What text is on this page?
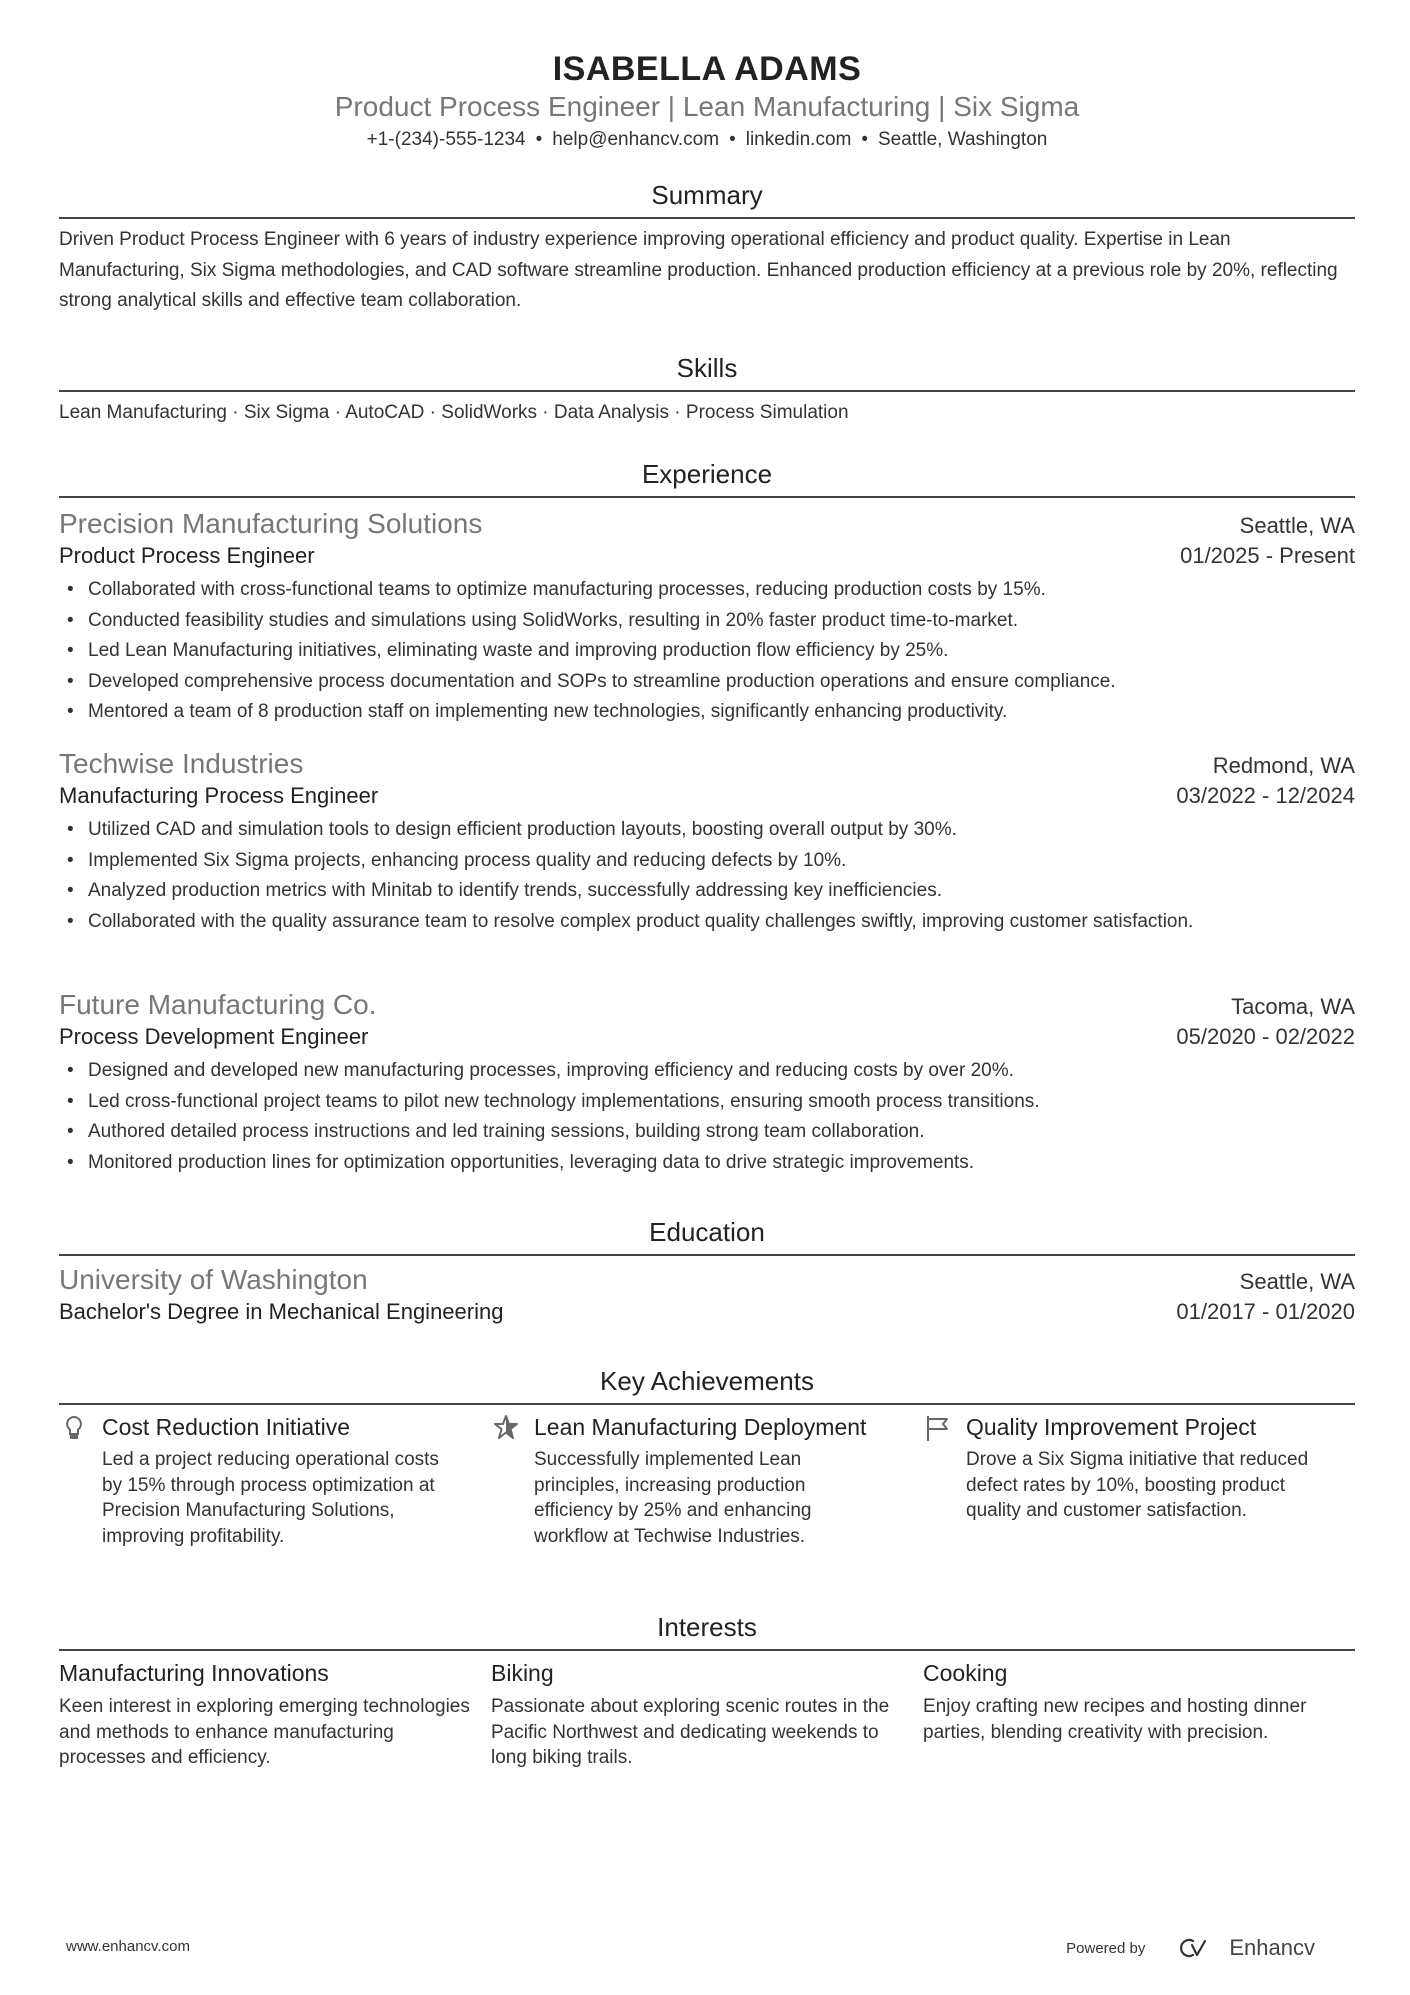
ISABELLA ADAMS
Product Process Engineer | Lean Manufacturing | Six Sigma
+1-(234)-555-1234 • help@enhancv.com • linkedin.com • Seattle, Washington
Summary
Driven Product Process Engineer with 6 years of industry experience improving operational efficiency and product quality. Expertise in Lean Manufacturing, Six Sigma methodologies, and CAD software streamline production. Enhanced production efficiency at a previous role by 20%, reflecting strong analytical skills and effective team collaboration.
Skills
Lean Manufacturing · Six Sigma · AutoCAD · SolidWorks · Data Analysis · Process Simulation
Experience
Precision Manufacturing Solutions	Seattle, WA
Product Process Engineer	01/2025 - Present
• Collaborated with cross-functional teams to optimize manufacturing processes, reducing production costs by 15%.
• Conducted feasibility studies and simulations using SolidWorks, resulting in 20% faster product time-to-market.
• Led Lean Manufacturing initiatives, eliminating waste and improving production flow efficiency by 25%.
• Developed comprehensive process documentation and SOPs to streamline production operations and ensure compliance.
• Mentored a team of 8 production staff on implementing new technologies, significantly enhancing productivity.
Techwise Industries	Redmond, WA
Manufacturing Process Engineer	03/2022 - 12/2024
• Utilized CAD and simulation tools to design efficient production layouts, boosting overall output by 30%.
• Implemented Six Sigma projects, enhancing process quality and reducing defects by 10%.
• Analyzed production metrics with Minitab to identify trends, successfully addressing key inefficiencies.
• Collaborated with the quality assurance team to resolve complex product quality challenges swiftly, improving customer satisfaction.
Future Manufacturing Co.	Tacoma, WA
Process Development Engineer	05/2020 - 02/2022
• Designed and developed new manufacturing processes, improving efficiency and reducing costs by over 20%.
• Led cross-functional project teams to pilot new technology implementations, ensuring smooth process transitions.
• Authored detailed process instructions and led training sessions, building strong team collaboration.
• Monitored production lines for optimization opportunities, leveraging data to drive strategic improvements.
Education
University of Washington	Seattle, WA
Bachelor's Degree in Mechanical Engineering	01/2017 - 01/2020
Key Achievements
Cost Reduction Initiative
Led a project reducing operational costs by 15% through process optimization at Precision Manufacturing Solutions, improving profitability.
Lean Manufacturing Deployment
Successfully implemented Lean principles, increasing production efficiency by 25% and enhancing workflow at Techwise Industries.
Quality Improvement Project
Drove a Six Sigma initiative that reduced defect rates by 10%, boosting product quality and customer satisfaction.
Interests
Manufacturing Innovations
Keen interest in exploring emerging technologies and methods to enhance manufacturing processes and efficiency.
Biking
Passionate about exploring scenic routes in the Pacific Northwest and dedicating weekends to long biking trails.
Cooking
Enjoy crafting new recipes and hosting dinner parties, blending creativity with precision.
www.enhancv.com	Powered by	Enhancv
